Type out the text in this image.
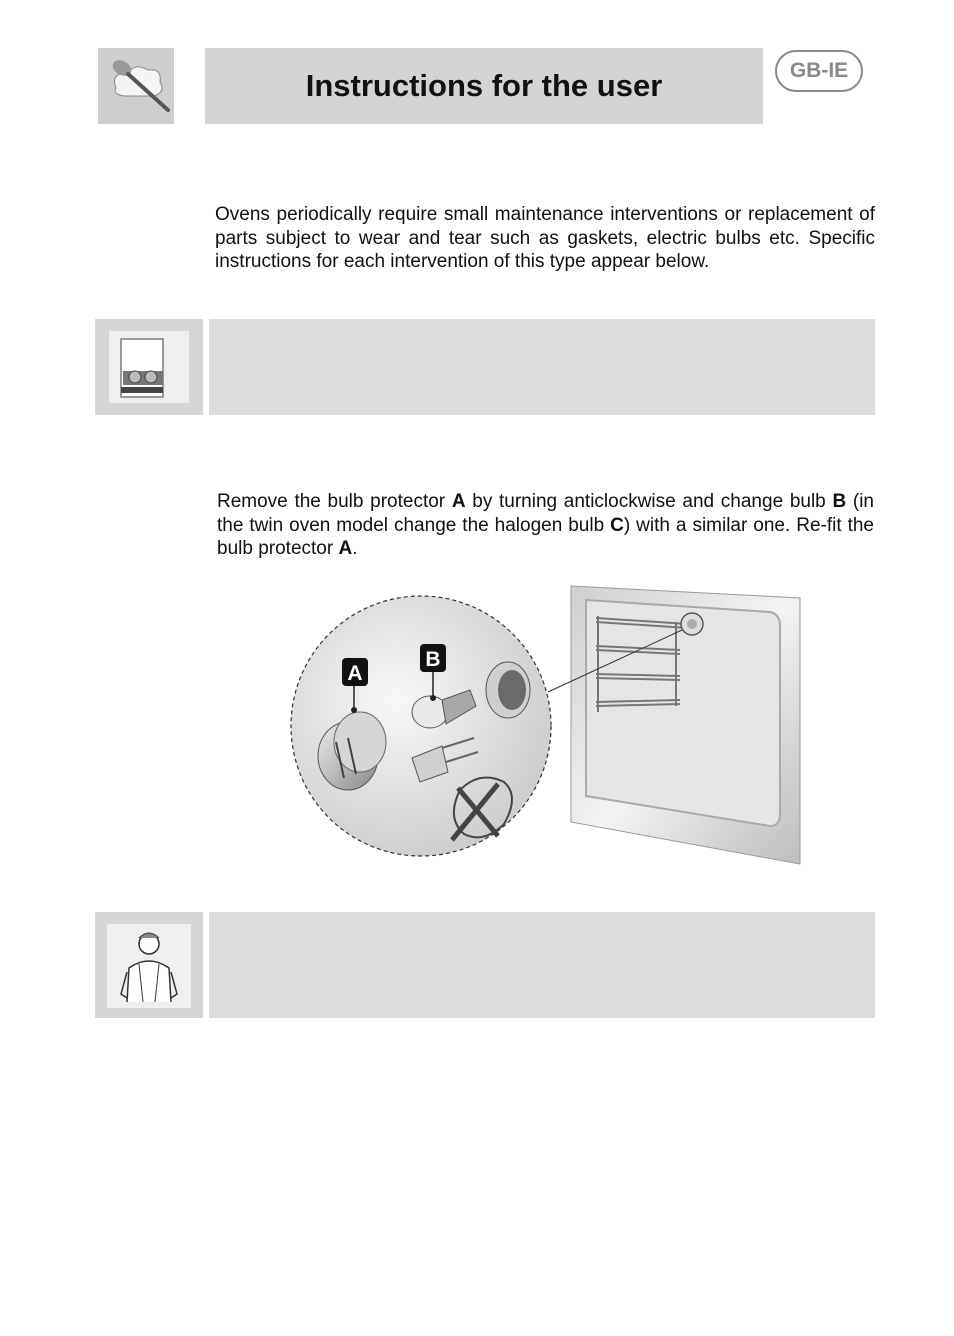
Instructions for the user	GB-IE
Ovens periodically require small maintenance interventions or replacement of parts subject to wear and tear such as gaskets, electric bulbs etc. Specific instructions for each intervention of this type appear below.
Remove the bulb protector A by turning anticlockwise and change bulb B (in the twin oven model change the halogen bulb C) with a similar one. Re-fit the bulb protector A.
A
B
